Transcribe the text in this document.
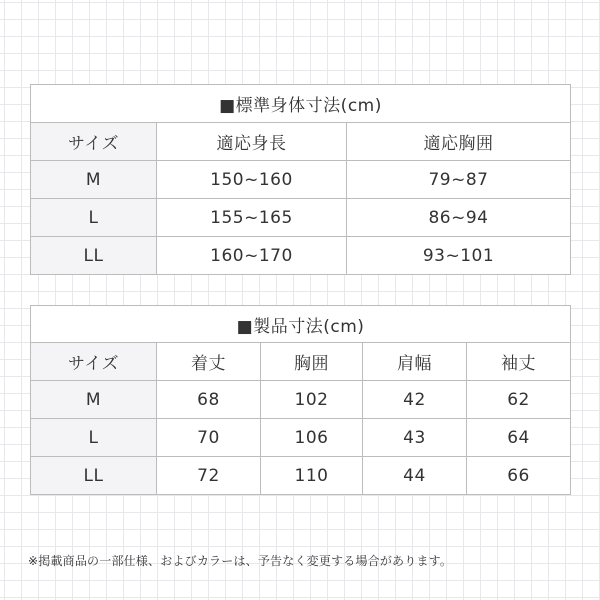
■標準身体寸法(cm)		
サイズ	適応身長	適応胸囲
M	150~160	79~87
L	155~165	86~94
LL	160~170	93~101
■製品寸法(cm)				
サイズ	着丈	胸囲	肩幅	袖丈
M	68	102	42	62
L	70	106	43	64
LL	72	110	44	66
※掲載商品の一部仕様、およびカラーは、予告なく変更する場合があります。
